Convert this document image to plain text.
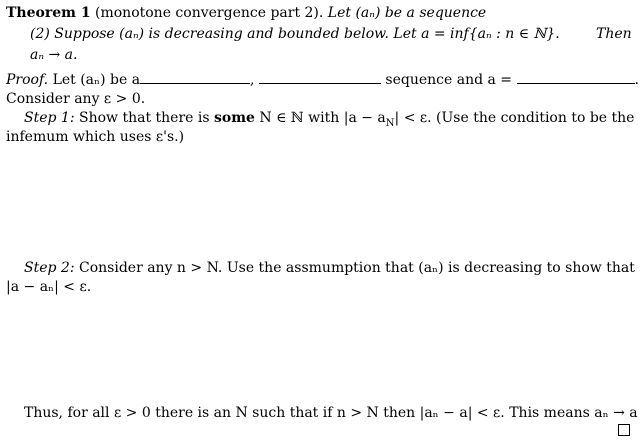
Theorem 1 (monotone convergence part 2). Let (aₙ) be a sequence
(2) Suppose (aₙ) is decreasing and bounded below. Let a = inf{aₙ : n ∈ ℕ}.	Then
aₙ → a.
Proof. Let (aₙ) be a	,	sequence and a =	.
Consider any ε > 0.
Step 1: Show that there is some N ∈ ℕ with $|a - a_N| < \varepsilon$. (Use the condition to be the
infemum which uses ε's.)
Step 2: Consider any n > N. Use the assmumption that (aₙ) is decreasing to show that
|a − aₙ| < ε.
Thus, for all ε > 0 there is an N such that if n > N then |aₙ − a| < ε. This means aₙ → a
